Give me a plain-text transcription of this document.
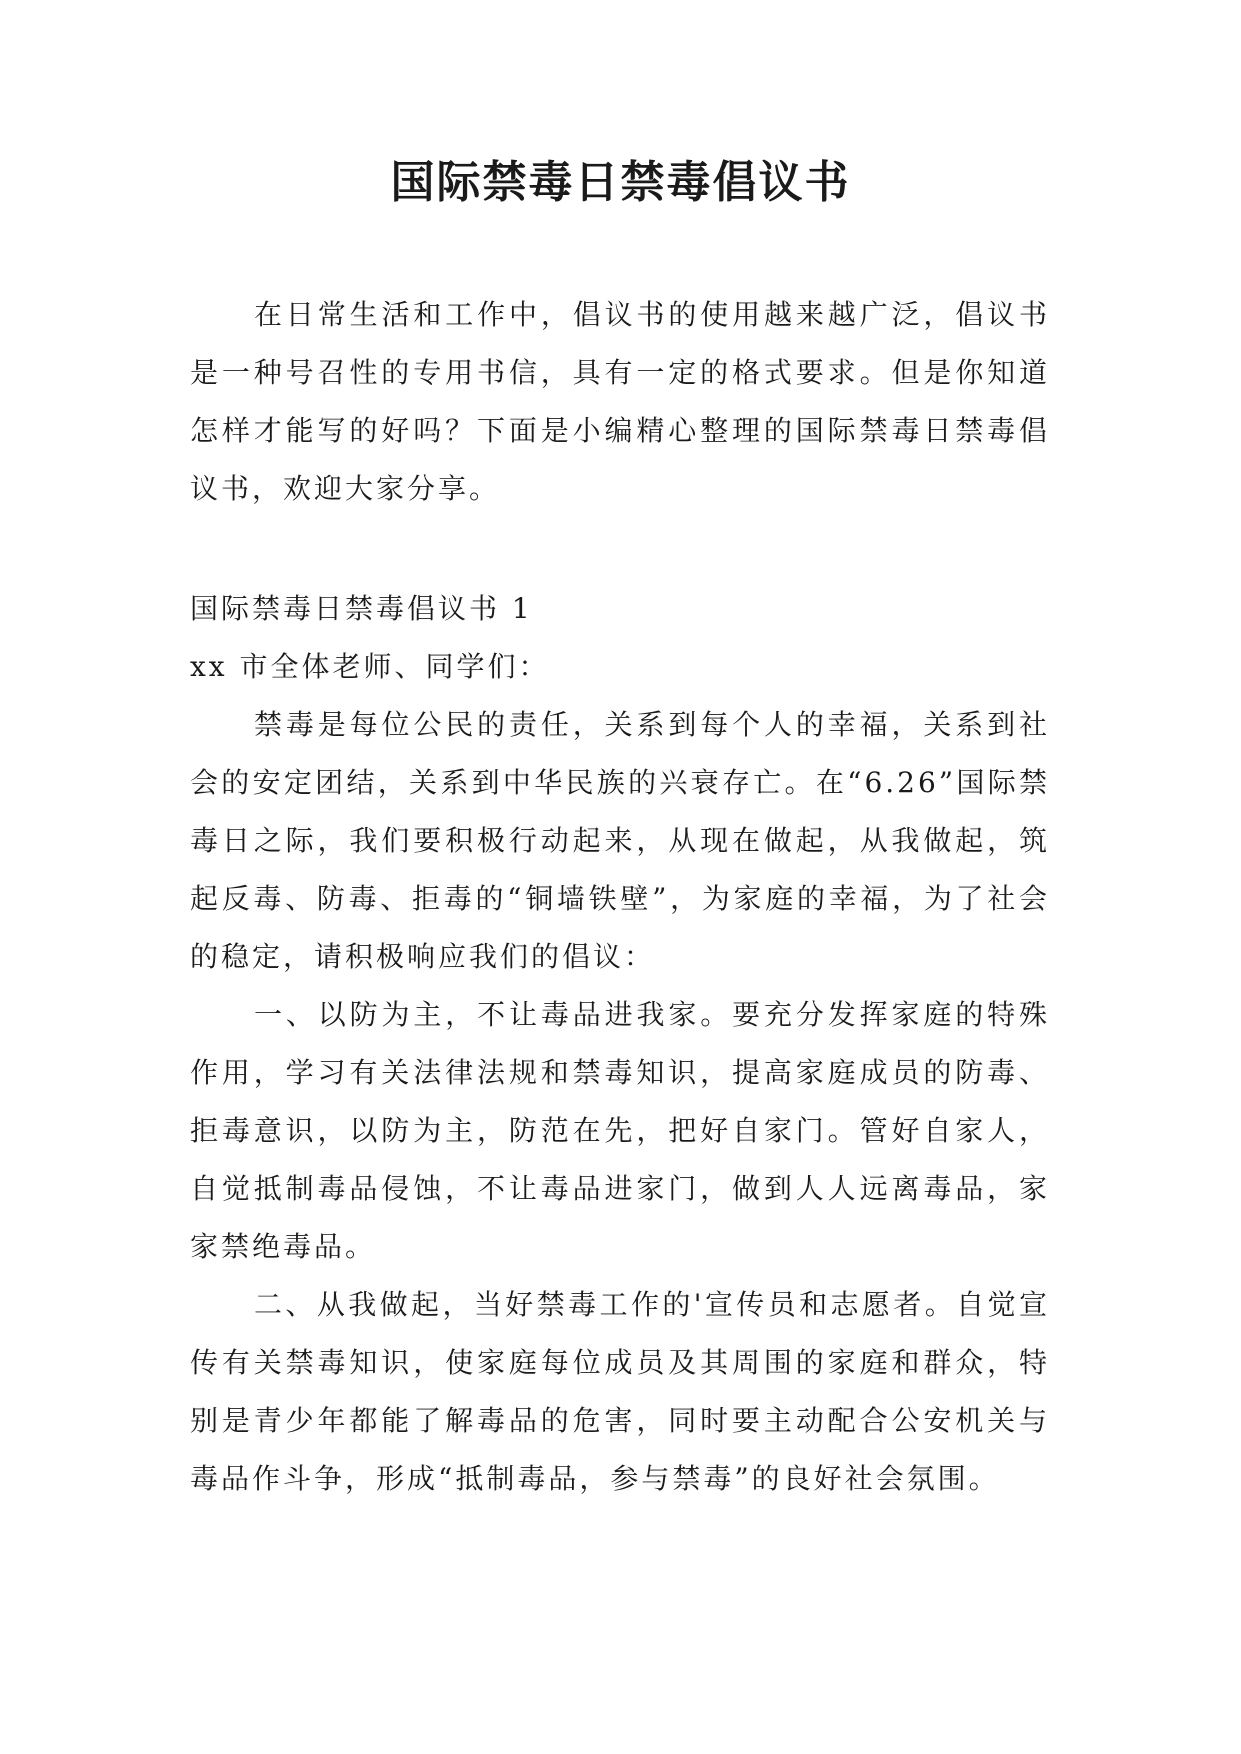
国际禁毒日禁毒倡议书

在日常生活和工作中，倡议书的使用越来越广泛，倡议书是一种号召性的专用书信，具有一定的格式要求。但是你知道怎样才能写的好吗？下面是小编精心整理的国际禁毒日禁毒倡议书，欢迎大家分享。

国际禁毒日禁毒倡议书 1

xx 市全体老师、同学们：

禁毒是每位公民的责任，关系到每个人的幸福，关系到社会的安定团结，关系到中华民族的兴衰存亡。在“6.26”国际禁毒日之际，我们要积极行动起来，从现在做起，从我做起，筑起反毒、防毒、拒毒的“铜墙铁壁”，为家庭的幸福，为了社会的稳定，请积极响应我们的倡议：

一、以防为主，不让毒品进我家。要充分发挥家庭的特殊作用，学习有关法律法规和禁毒知识，提高家庭成员的防毒、拒毒意识，以防为主，防范在先，把好自家门。管好自家人，自觉抵制毒品侵蚀，不让毒品进家门，做到人人远离毒品，家家禁绝毒品。

二、从我做起，当好禁毒工作的'宣传员和志愿者。自觉宣传有关禁毒知识，使家庭每位成员及其周围的家庭和群众，特别是青少年都能了解毒品的危害，同时要主动配合公安机关与毒品作斗争，形成“抵制毒品，参与禁毒”的良好社会氛围。
